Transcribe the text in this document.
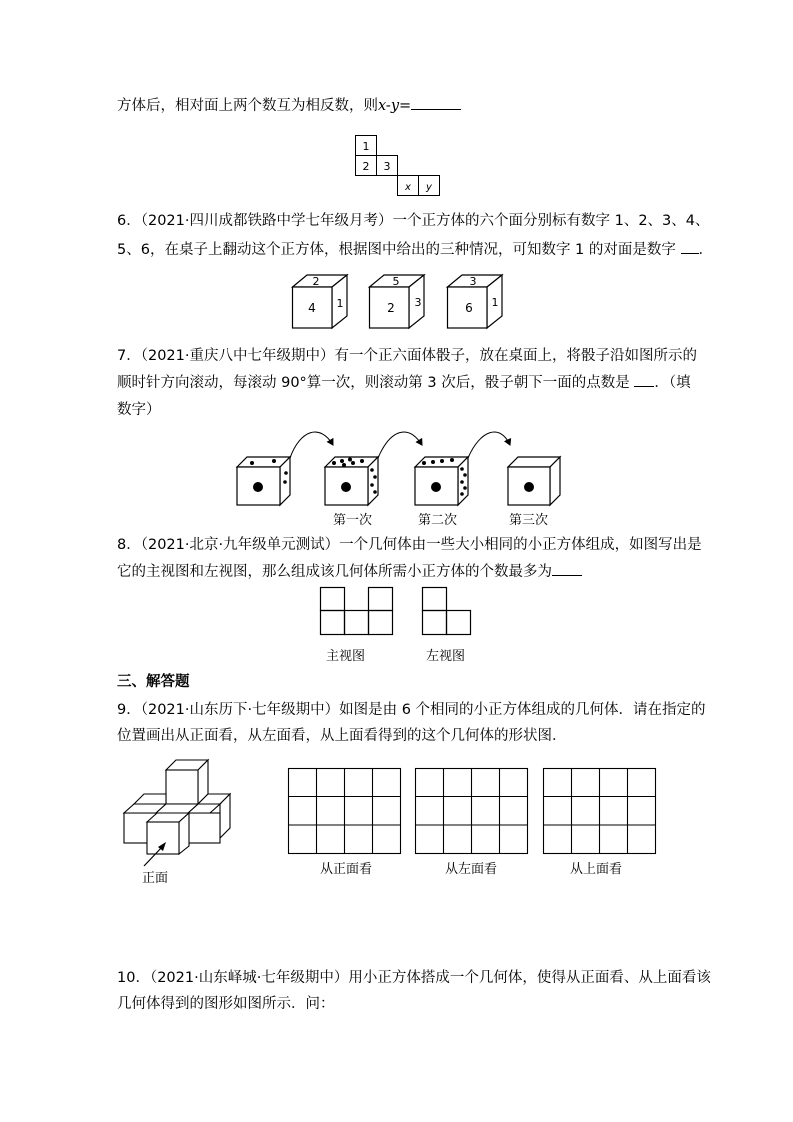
方体后，相对面上两个数互为相反数，则x-y=
1
2 3
x y
6．（2021·四川成都铁路中学七年级月考）一个正方体的六个面分别标有数字 1、2、3、4、
5、6，在桌子上翻动这个正方体，根据图中给出的三种情况，可知数字 1 的对面是数字 ．
2
4 1
5
2 3
3
6 1
7．（2021·重庆八中七年级期中）有一个正六面体骰子，放在桌面上，将骰子沿如图所示的
顺时针方向滚动，每滚动 90°算一次，则滚动第 3 次后，骰子朝下一面的点数是 ．（填
数字）
第一次	第二次	第三次
8．（2021·北京·九年级单元测试）一个几何体由一些大小相同的小正方体组成，如图写出是
它的主视图和左视图，那么组成该几何体所需小正方体的个数最多为
主视图	左视图
三、解答题
9．（2021·山东历下·七年级期中）如图是由 6 个相同的小正方体组成的几何体．请在指定的
位置画出从正面看，从左面看，从上面看得到的这个几何体的形状图．
正面
从正面看	从左面看	从上面看
10．（2021·山东峄城·七年级期中）用小正方体搭成一个几何体，使得从正面看、从上面看该
几何体得到的图形如图所示．问：
